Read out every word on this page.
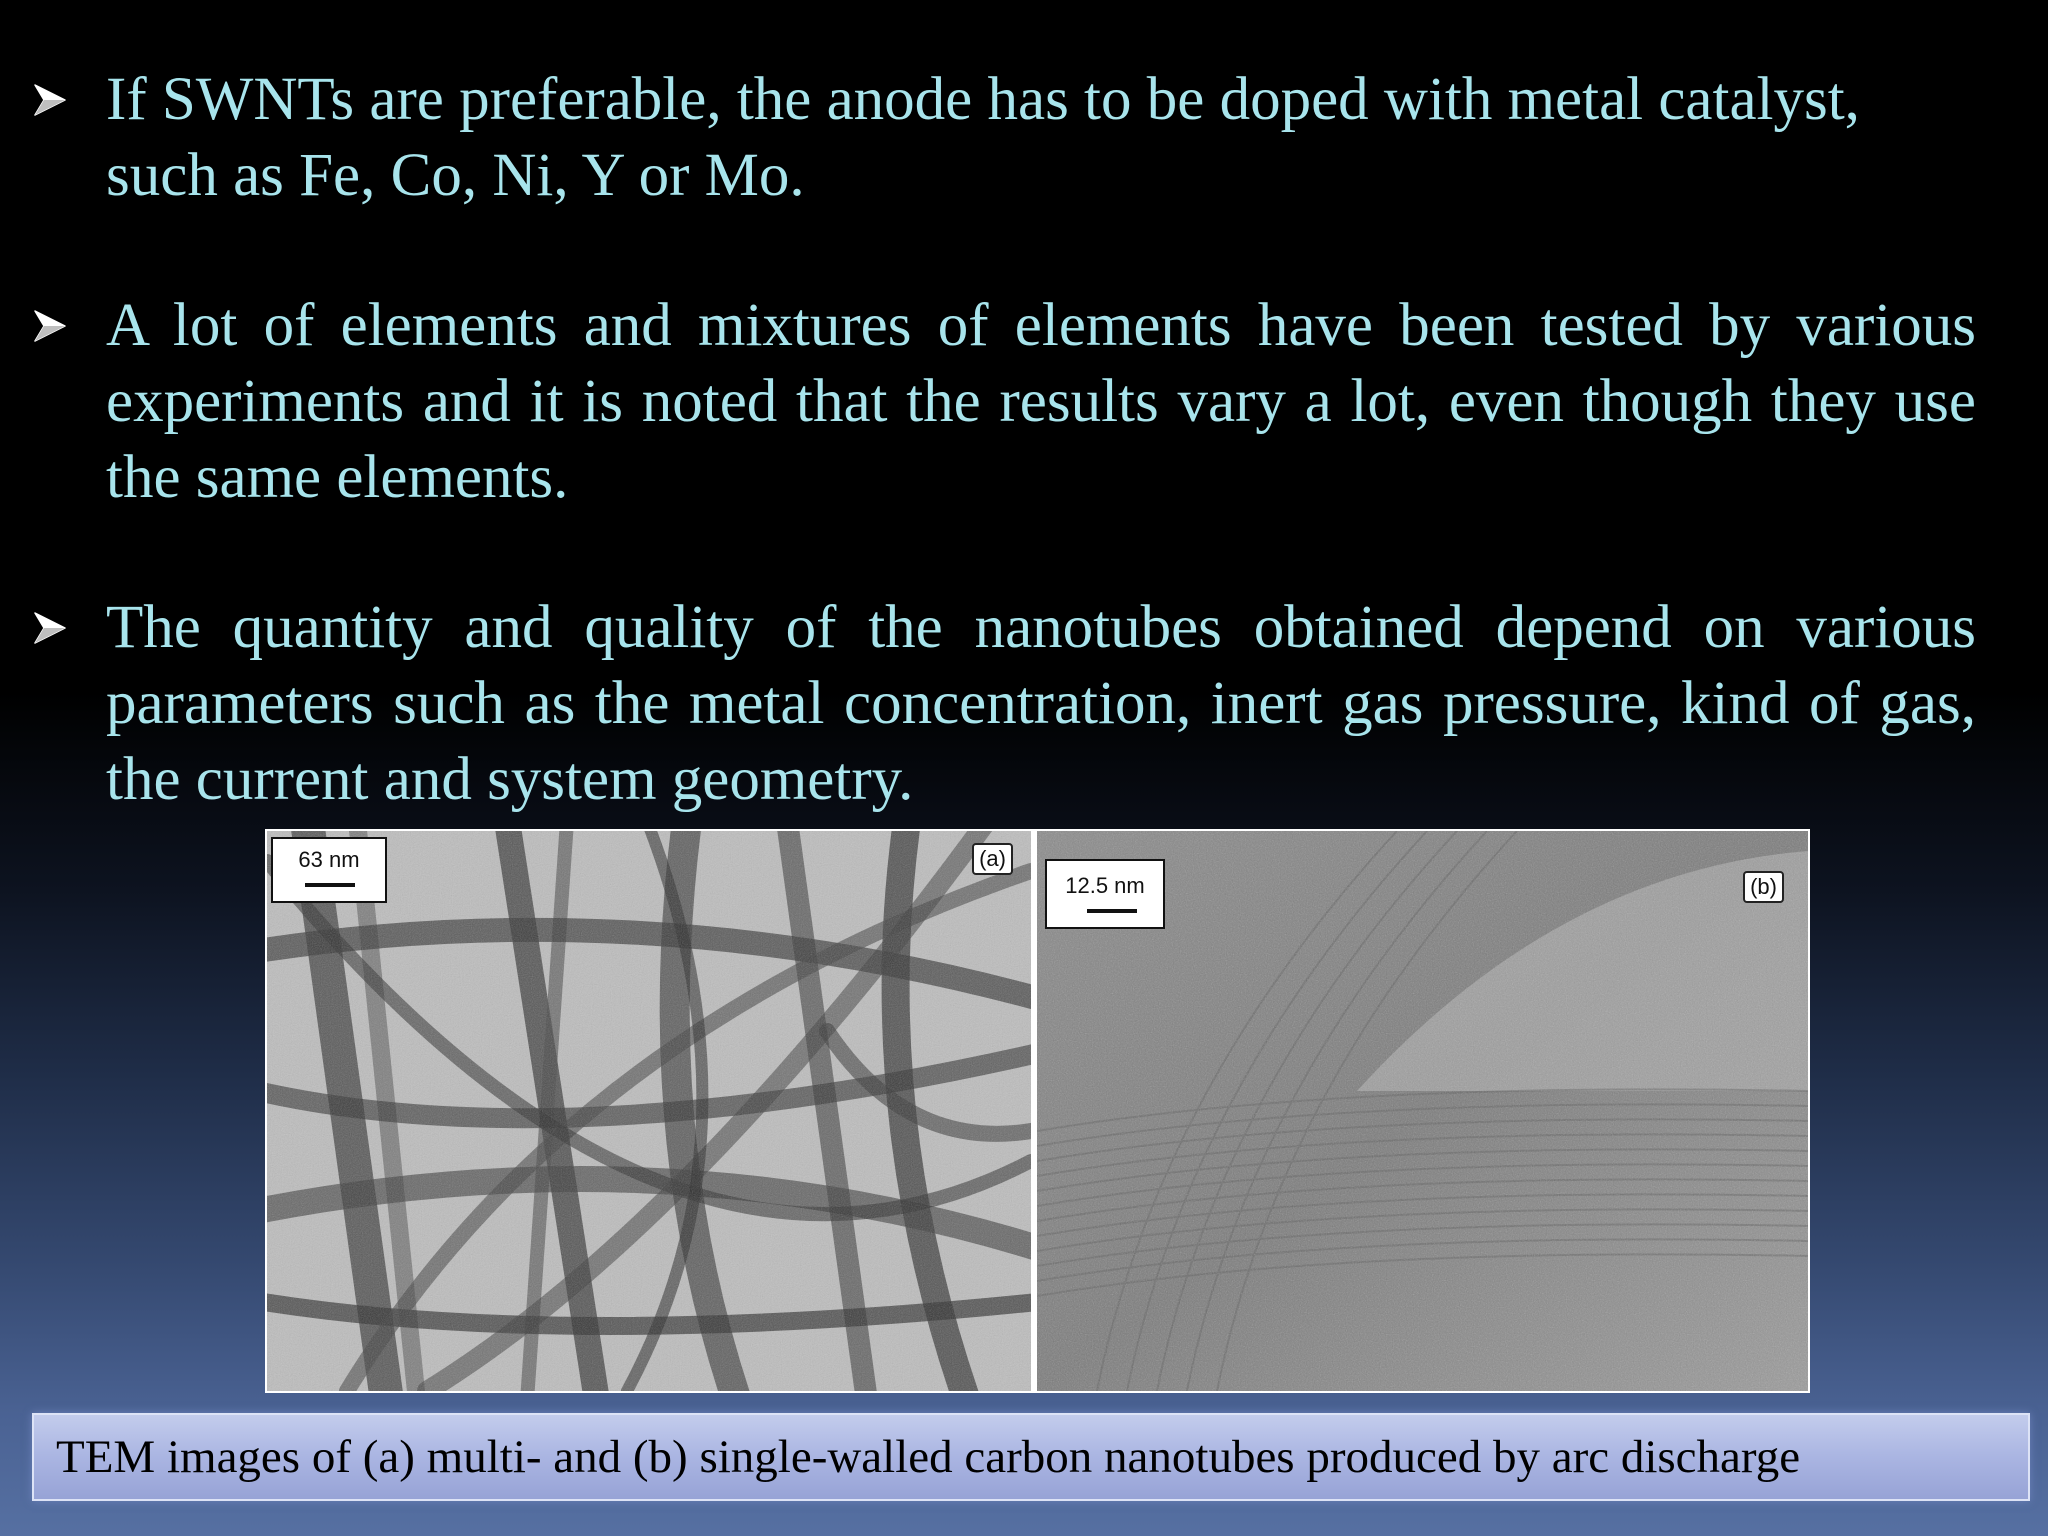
If SWNTs are preferable, the anode has to be doped with metal catalyst, such as Fe, Co, Ni, Y or Mo.
A lot of elements and mixtures of elements have been tested by various experiments and it is noted that the results vary a lot, even though they use the same elements.
The quantity and quality of the nanotubes obtained depend on various parameters such as the metal concentration, inert gas pressure, kind of gas, the current and system geometry.
63 nm	(a)
12.5 nm	(b)
TEM images of (a) multi- and (b) single-walled carbon nanotubes produced by arc discharge
